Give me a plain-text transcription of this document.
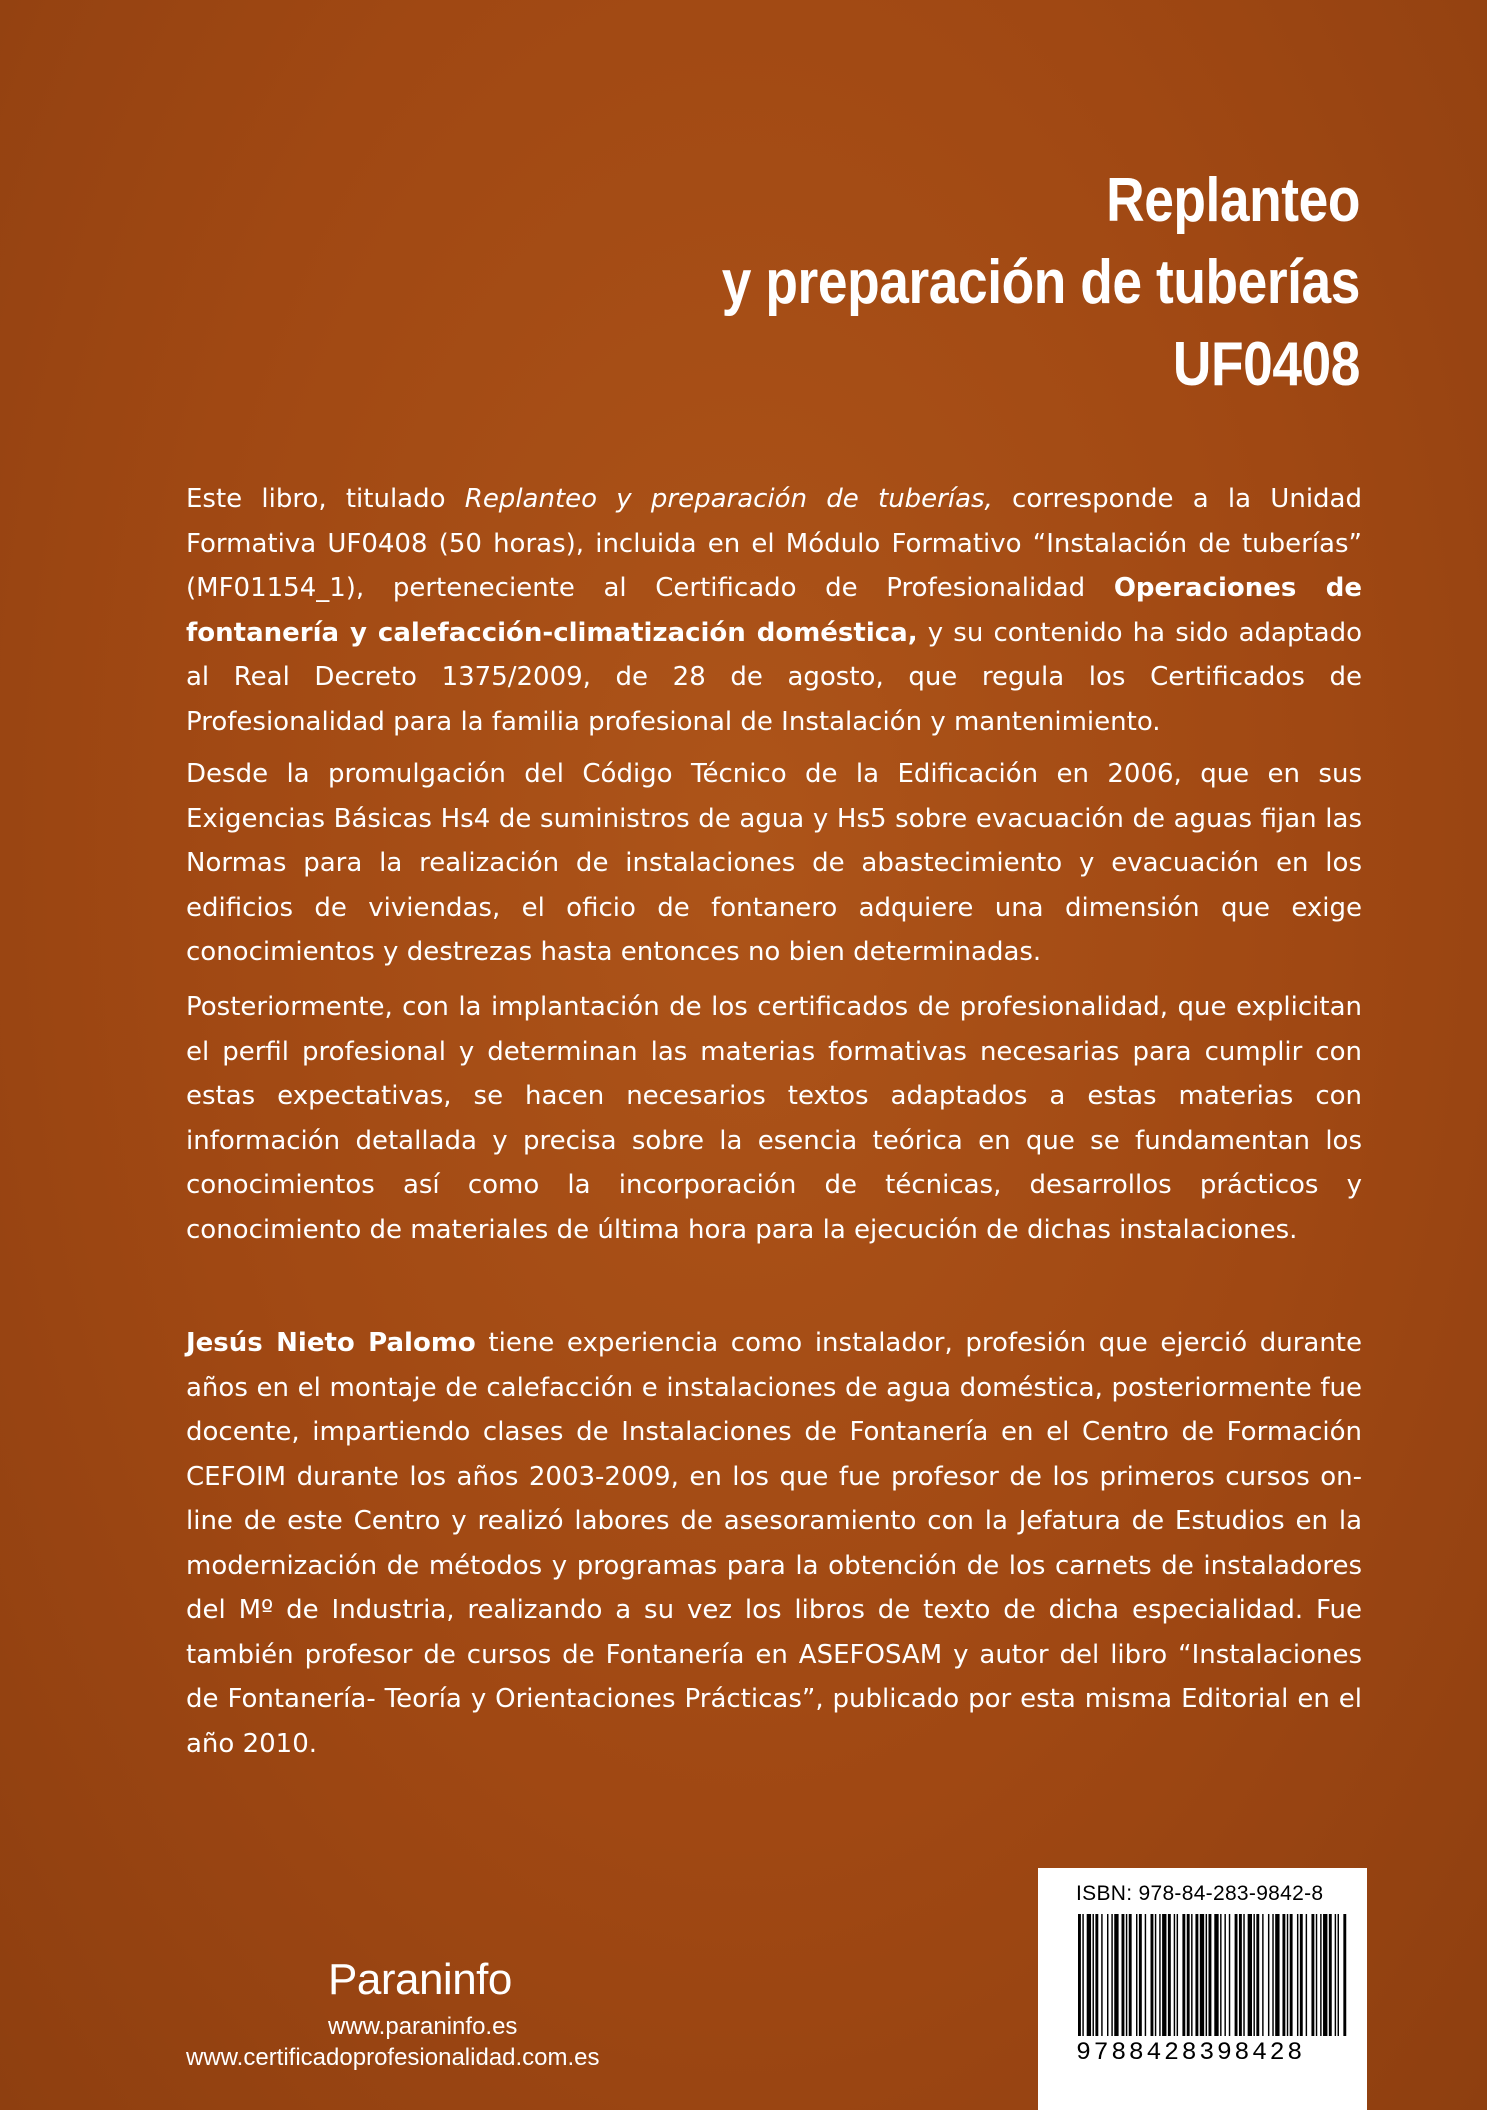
Replanteo
y preparación de tuberías
UF0408

Este libro, titulado Replanteo y preparación de tuberías, corresponde a la Unidad Formativa UF0408 (50 horas), incluida en el Módulo Formativo “Instalación de tuberías” (MF01154_1), perteneciente al Certificado de Profesionalidad Operaciones de fontanería y calefacción-climatización doméstica, y su contenido ha sido adaptado al Real Decreto 1375/2009, de 28 de agosto, que regula los Certificados de Profesionalidad para la familia profesional de Instalación y mantenimiento.

Desde la promulgación del Código Técnico de la Edificación en 2006, que en sus Exigencias Básicas Hs4 de suministros de agua y Hs5 sobre evacuación de aguas fijan las Normas para la realización de instalaciones de abastecimiento y evacuación en los edificios de viviendas, el oficio de fontanero adquiere una dimensión que exige conocimientos y destrezas hasta entonces no bien determinadas.

Posteriormente, con la implantación de los certificados de profesionalidad, que explicitan el perfil profesional y determinan las materias formativas necesarias para cumplir con estas expectativas, se hacen necesarios textos adaptados a estas materias con información detallada y precisa sobre la esencia teórica en que se fundamentan los conocimientos así como la incorporación de técnicas, desarrollos prácticos y conocimiento de materiales de última hora para la ejecución de dichas instalaciones.

Jesús Nieto Palomo tiene experiencia como instalador, profesión que ejerció durante años en el montaje de calefacción e instalaciones de agua doméstica, posteriormente fue docente, impartiendo clases de Instalaciones de Fontanería en el Centro de Formación CEFOIM durante los años 2003-2009, en los que fue profesor de los primeros cursos on-line de este Centro y realizó labores de asesoramiento con la Jefatura de Estudios en la modernización de métodos y programas para la obtención de los carnets de instaladores del Mº de Industria, realizando a su vez los libros de texto de dicha especialidad. Fue también profesor de cursos de Fontanería en ASEFOSAM y autor del libro “Instalaciones de Fontanería- Teoría y Orientaciones Prácticas”, publicado por esta misma Editorial en el año 2010.

Paraninfo
www.paraninfo.es
www.certificadoprofesionalidad.com.es
ISBN: 978-84-283-9842-8
9788428398428
